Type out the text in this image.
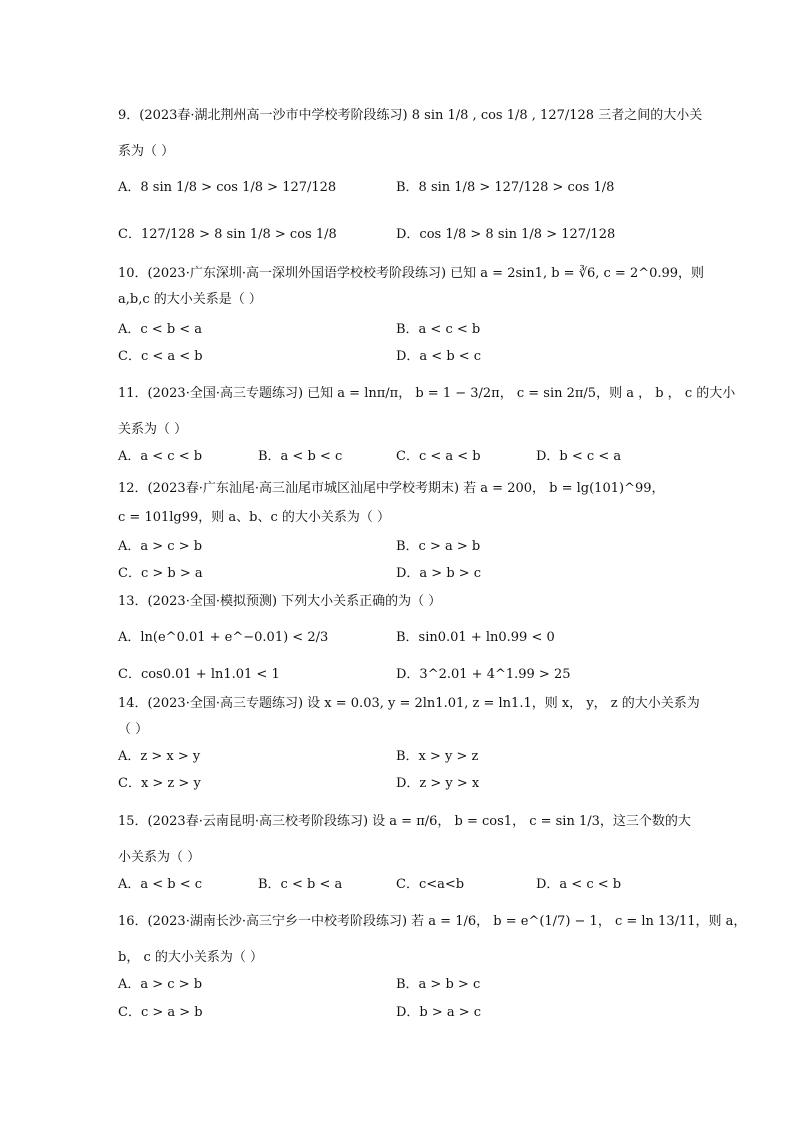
9．(2023春·湖北荆州高一沙市中学校考阶段练习) 8 sin 1/8 , cos 1/8 , 127/128 三者之间的大小关
系为（ ）
A．8 sin 1/8 > cos 1/8 > 127/128	B．8 sin 1/8 > 127/128 > cos 1/8
C．127/128 > 8 sin 1/8 > cos 1/8	D．cos 1/8 > 8 sin 1/8 > 127/128
10．(2023·广东深圳·高一深圳外国语学校校考阶段练习) 已知 a = 2sin1, b = ∛6, c = 2^0.99，则
a,b,c 的大小关系是（ ）
A．c < b < a	B．a < c < b
C．c < a < b	D．a < b < c
11．(2023·全国·高三专题练习) 已知 a = lnπ/π， b = 1 − 3/2π， c = sin 2π/5，则 a ， b ， c 的大小
关系为（ ）
A．a < c < b	B．a < b < c	C．c < a < b	D．b < c < a
12．(2023春·广东汕尾·高三汕尾市城区汕尾中学校考期末) 若 a = 200， b = lg(101)^99，
c = 101lg99，则 a、b、c 的大小关系为（ ）
A．a > c > b	B．c > a > b
C．c > b > a	D．a > b > c
13．(2023·全国·模拟预测) 下列大小关系正确的为（ ）
A．ln(e^0.01 + e^−0.01) < 2/3	B．sin0.01 + ln0.99 < 0
C．cos0.01 + ln1.01 < 1	D．3^2.01 + 4^1.99 > 25
14．(2023·全国·高三专题练习) 设 x = 0.03, y = 2ln1.01, z = ln1.1，则 x， y， z 的大小关系为
（ ）
A．z > x > y	B．x > y > z
C．x > z > y	D．z > y > x
15．(2023春·云南昆明·高三校考阶段练习) 设 a = π/6， b = cos1， c = sin 1/3，这三个数的大
小关系为（ ）
A．a < b < c	B．c < b < a	C．c<a<b	D．a < c < b
16．(2023·湖南长沙·高三宁乡一中校考阶段练习) 若 a = 1/6， b = e^(1/7) − 1， c = ln 13/11，则 a，
b， c 的大小关系为（ ）
A．a > c > b	B．a > b > c
C．c > a > b	D．b > a > c
